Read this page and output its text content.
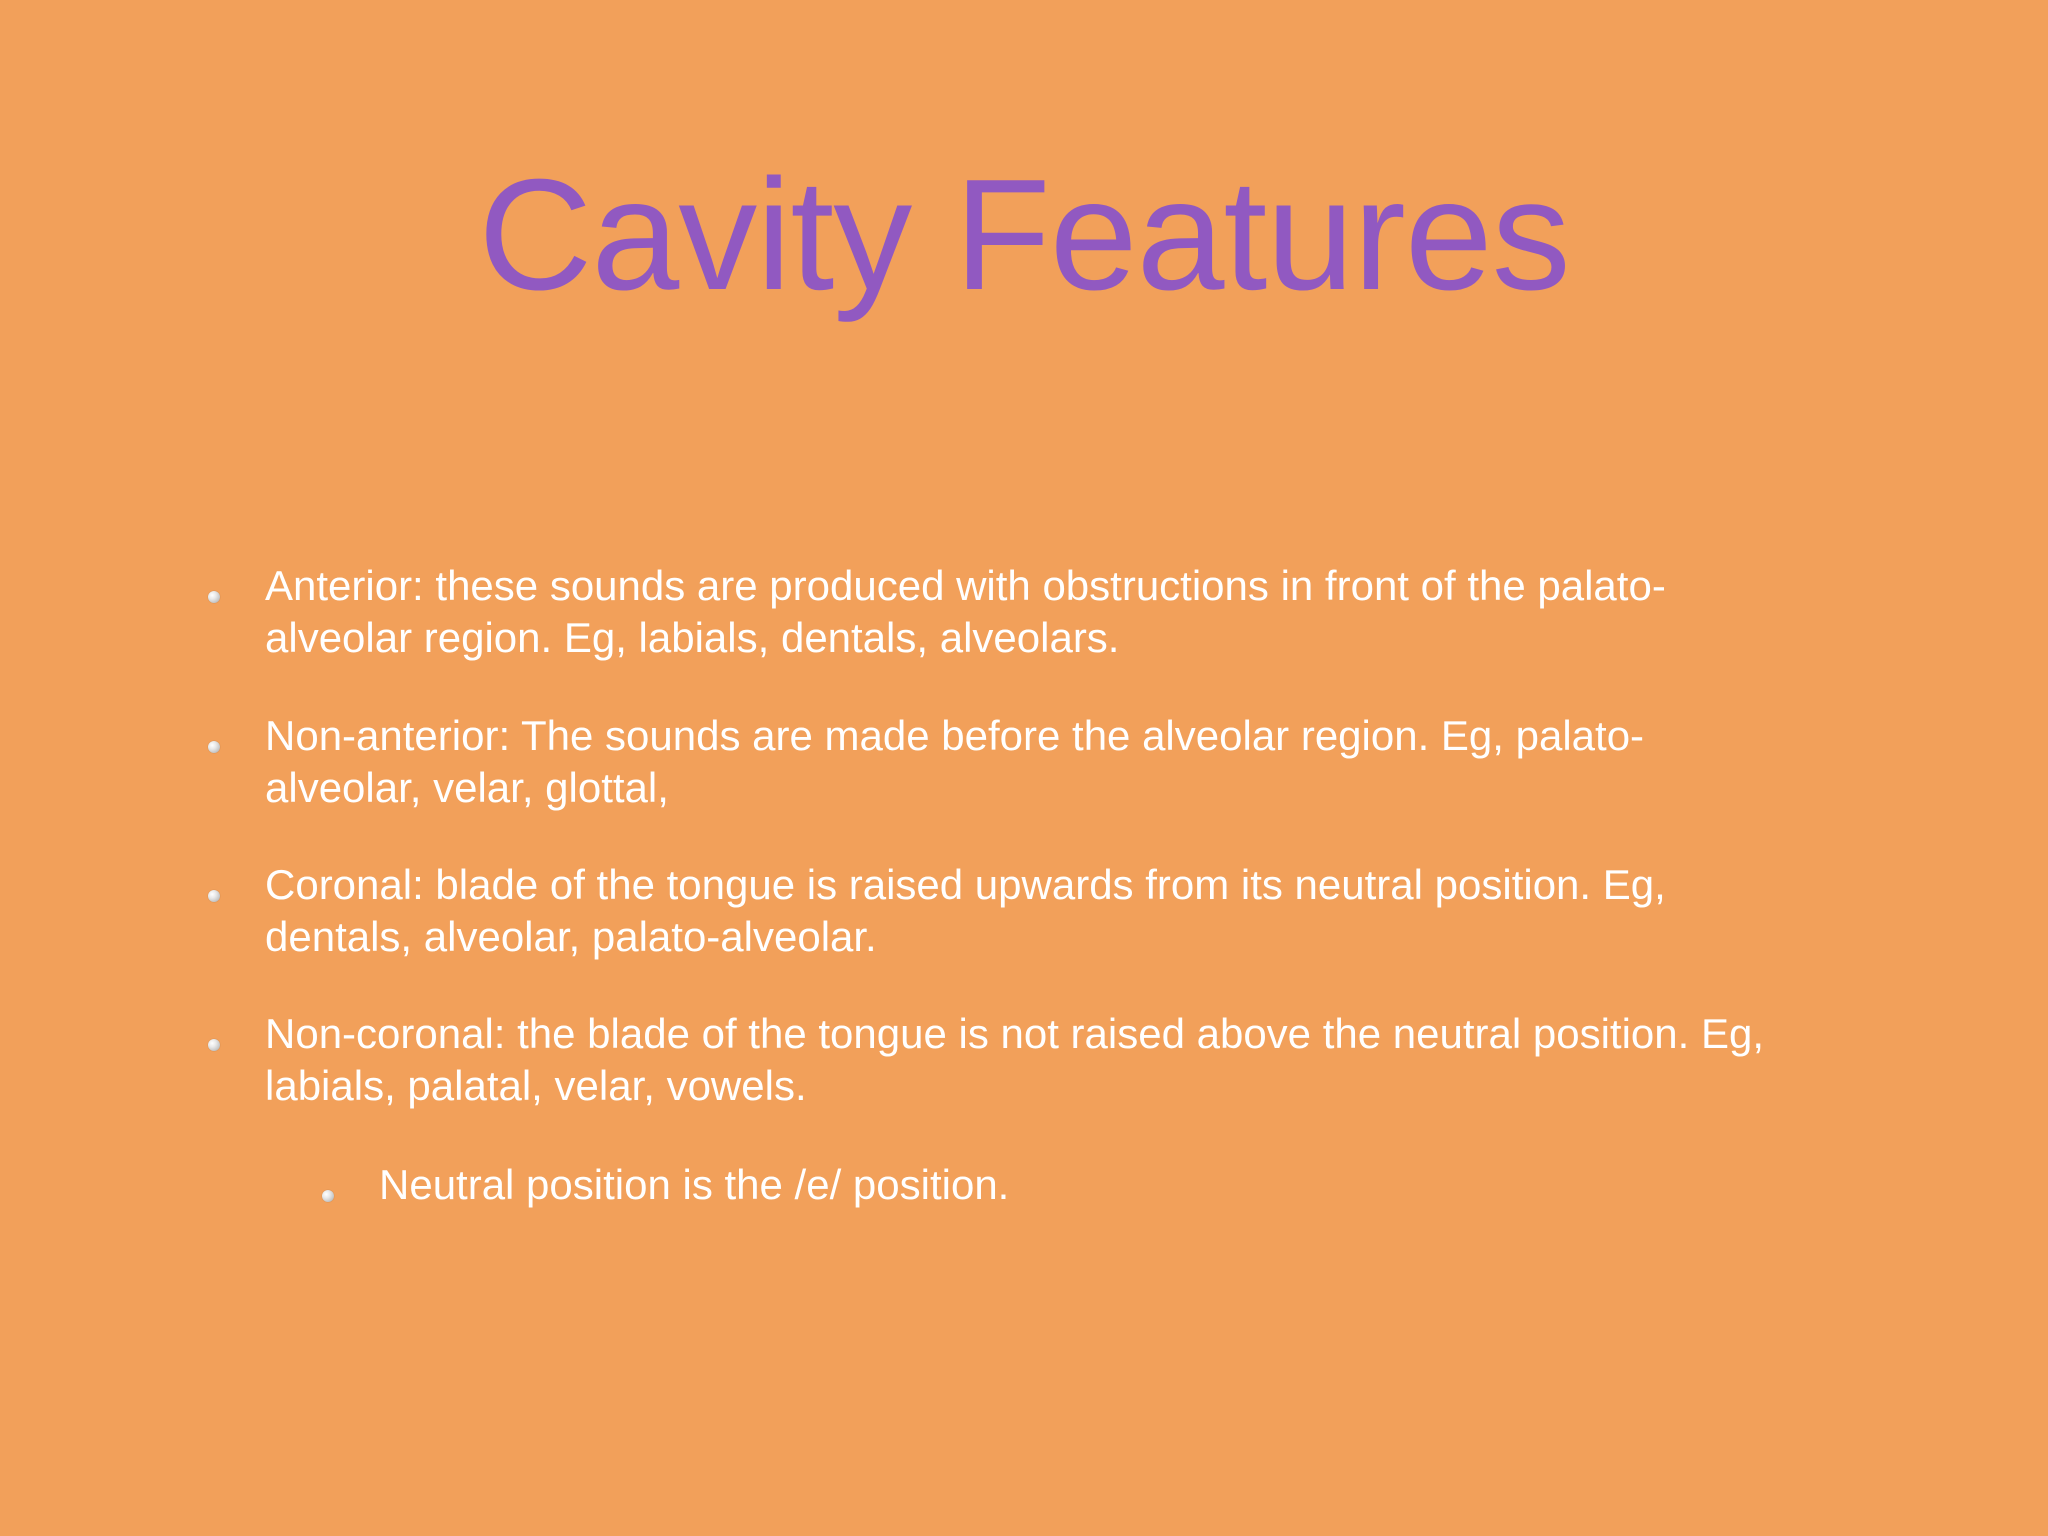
Cavity Features
Anterior: these sounds are produced with obstructions in front of the palato-
alveolar region. Eg, labials, dentals, alveolars.
Non-anterior: The sounds are made before the alveolar region. Eg, palato-
alveolar, velar, glottal,
Coronal: blade of the tongue is raised upwards from its neutral position. Eg,
dentals, alveolar, palato-alveolar.
Non-coronal: the blade of the tongue is not raised above the neutral position. Eg,
labials, palatal, velar, vowels.
Neutral position is the /e/ position.
